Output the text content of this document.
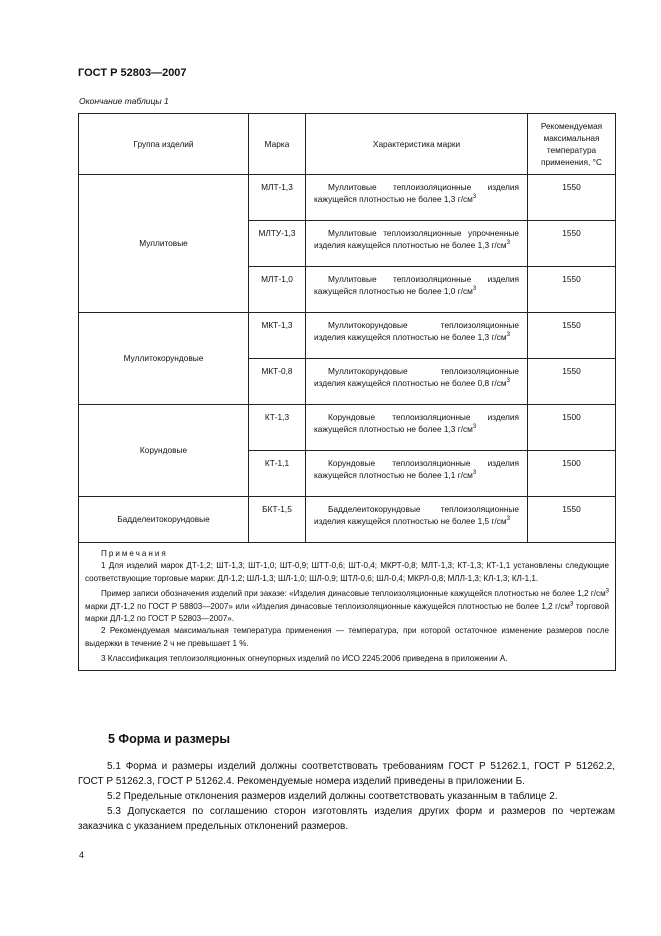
ГОСТ Р 52803—2007
Окончание таблицы 1
Группа изделий	Марка	Характеристика марки	Рекомендуемая максимальная температура применения, °С
Муллитовые	МЛТ-1,3	Муллитовые теплоизоляционные изделия кажущейся плотностью не более 1,3 $г/см^3$	1550
	МЛТУ-1,3	Муллитовые теплоизоляционные упрочненные изделия кажущейся плотностью не более 1,3 $г/см^3$	1550
	МЛТ-1,0	Муллитовые теплоизоляционные изделия кажущейся плотностью не более 1,0 $г/см^3$	1550
Муллитокорундовые	МКТ-1,3	Муллитокорундовые теплоизоляционные изделия кажущейся плотностью не более 1,3 $г/см^3$	1550
	МКТ-0,8	Муллитокорундовые теплоизоляционные изделия кажущейся плотностью не более 0,8 $г/см^3$	1550
Корундовые	КТ-1,3	Корундовые теплоизоляционные изделия кажущейся плотностью не более 1,3 $г/см^3$	1500
	КТ-1,1	Корундовые теплоизоляционные изделия кажущейся плотностью не более 1,1 $г/см^3$	1500
Бадделеитокорундовые	БКТ-1,5	Бадделеитокорундовые теплоизоляционные изделия кажущейся плотностью не более 1,5 $г/см^3$	1550

Примечания

1 Для изделий марок ДТ-1,2; ШТ-1,3; ШТ-1,0; ШТ-0,9; ШТТ-0,6; ШТ-0,4; МКРТ-0,8; МЛТ-1,3; КТ-1,3; КТ-1,1 установлены следующие соответствующие торговые марки: ДЛ-1,2; ШЛ-1,3; ШЛ-1,0; ШЛ-0,9; ШТЛ-0,6; ШЛ-0,4; МКРЛ-0,8; МЛЛ-1,3; КЛ-1,3; КЛ-1,1.

Пример записи обозначения изделий при заказе: «Изделия динасовые теплоизоляционные кажущейся плотностью не более 1,2 $г/см^3$ марки ДТ-1,2 по ГОСТ Р 58803—2007» или «Изделия динасовые теплоизоляционные кажущейся плотностью не более 1,2 $г/см^3$ торговой марки ДЛ-1,2 по ГОСТ Р 52803—2007».

2 Рекомендуемая максимальная температура применения — температура, при которой остаточное изменение размеров после выдержки в течение 2 ч не превышает 1 %.

3 Классификация теплоизоляционных огнеупорных изделий по ИСО 2245:2006 приведена в приложении А.			

5 Форма и размеры

5.1 Форма и размеры изделий должны соответствовать требованиям ГОСТ Р 51262.1, ГОСТ Р 51262.2, ГОСТ Р 51262.3, ГОСТ Р 51262.4. Рекомендуемые номера изделий приведены в приложении Б.

5.2 Предельные отклонения размеров изделий должны соответствовать указанным в таблице 2.

5.3 Допускается по соглашению сторон изготовлять изделия других форм и размеров по чертежам заказчика с указанием предельных отклонений размеров.

4
